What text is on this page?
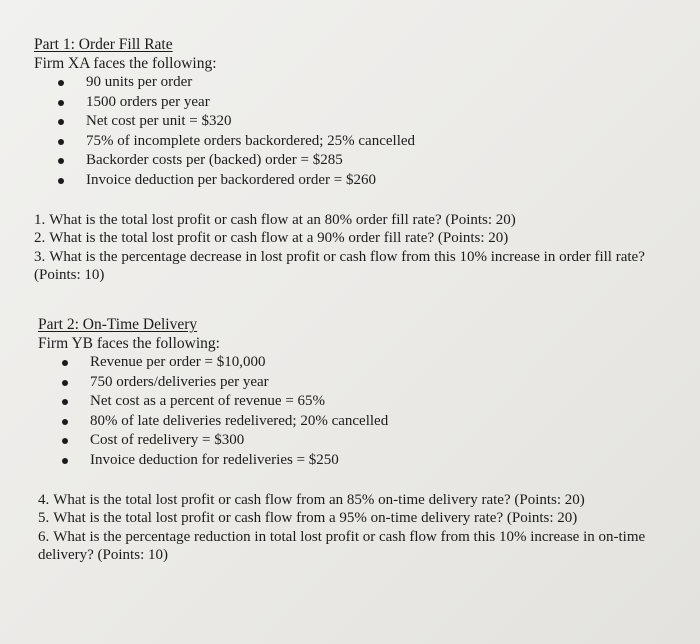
Part 1: Order Fill Rate

Firm XA faces the following:

90 units per order
1500 orders per year
Net cost per unit = $320
75% of incomplete orders backordered; 25% cancelled
Backorder costs per (backed) order = $285
Invoice deduction per backordered order = $260
1. What is the total lost profit or cash flow at an 80% order fill rate? (Points: 20)
2. What is the total lost profit or cash flow at a 90% order fill rate? (Points: 20)
3. What is the percentage decrease in lost profit or cash flow from this 10% increase in order fill rate? (Points: 10)

Part 2: On-Time Delivery

Firm YB faces the following:

Revenue per order = $10,000
750 orders/deliveries per year
Net cost as a percent of revenue = 65%
80% of late deliveries redelivered; 20% cancelled
Cost of redelivery = $300
Invoice deduction for redeliveries = $250
4. What is the total lost profit or cash flow from an 85% on-time delivery rate? (Points: 20)
5. What is the total lost profit or cash flow from a 95% on-time delivery rate? (Points: 20)
6. What is the percentage reduction in total lost profit or cash flow from this 10% increase in on-time delivery? (Points: 10)
